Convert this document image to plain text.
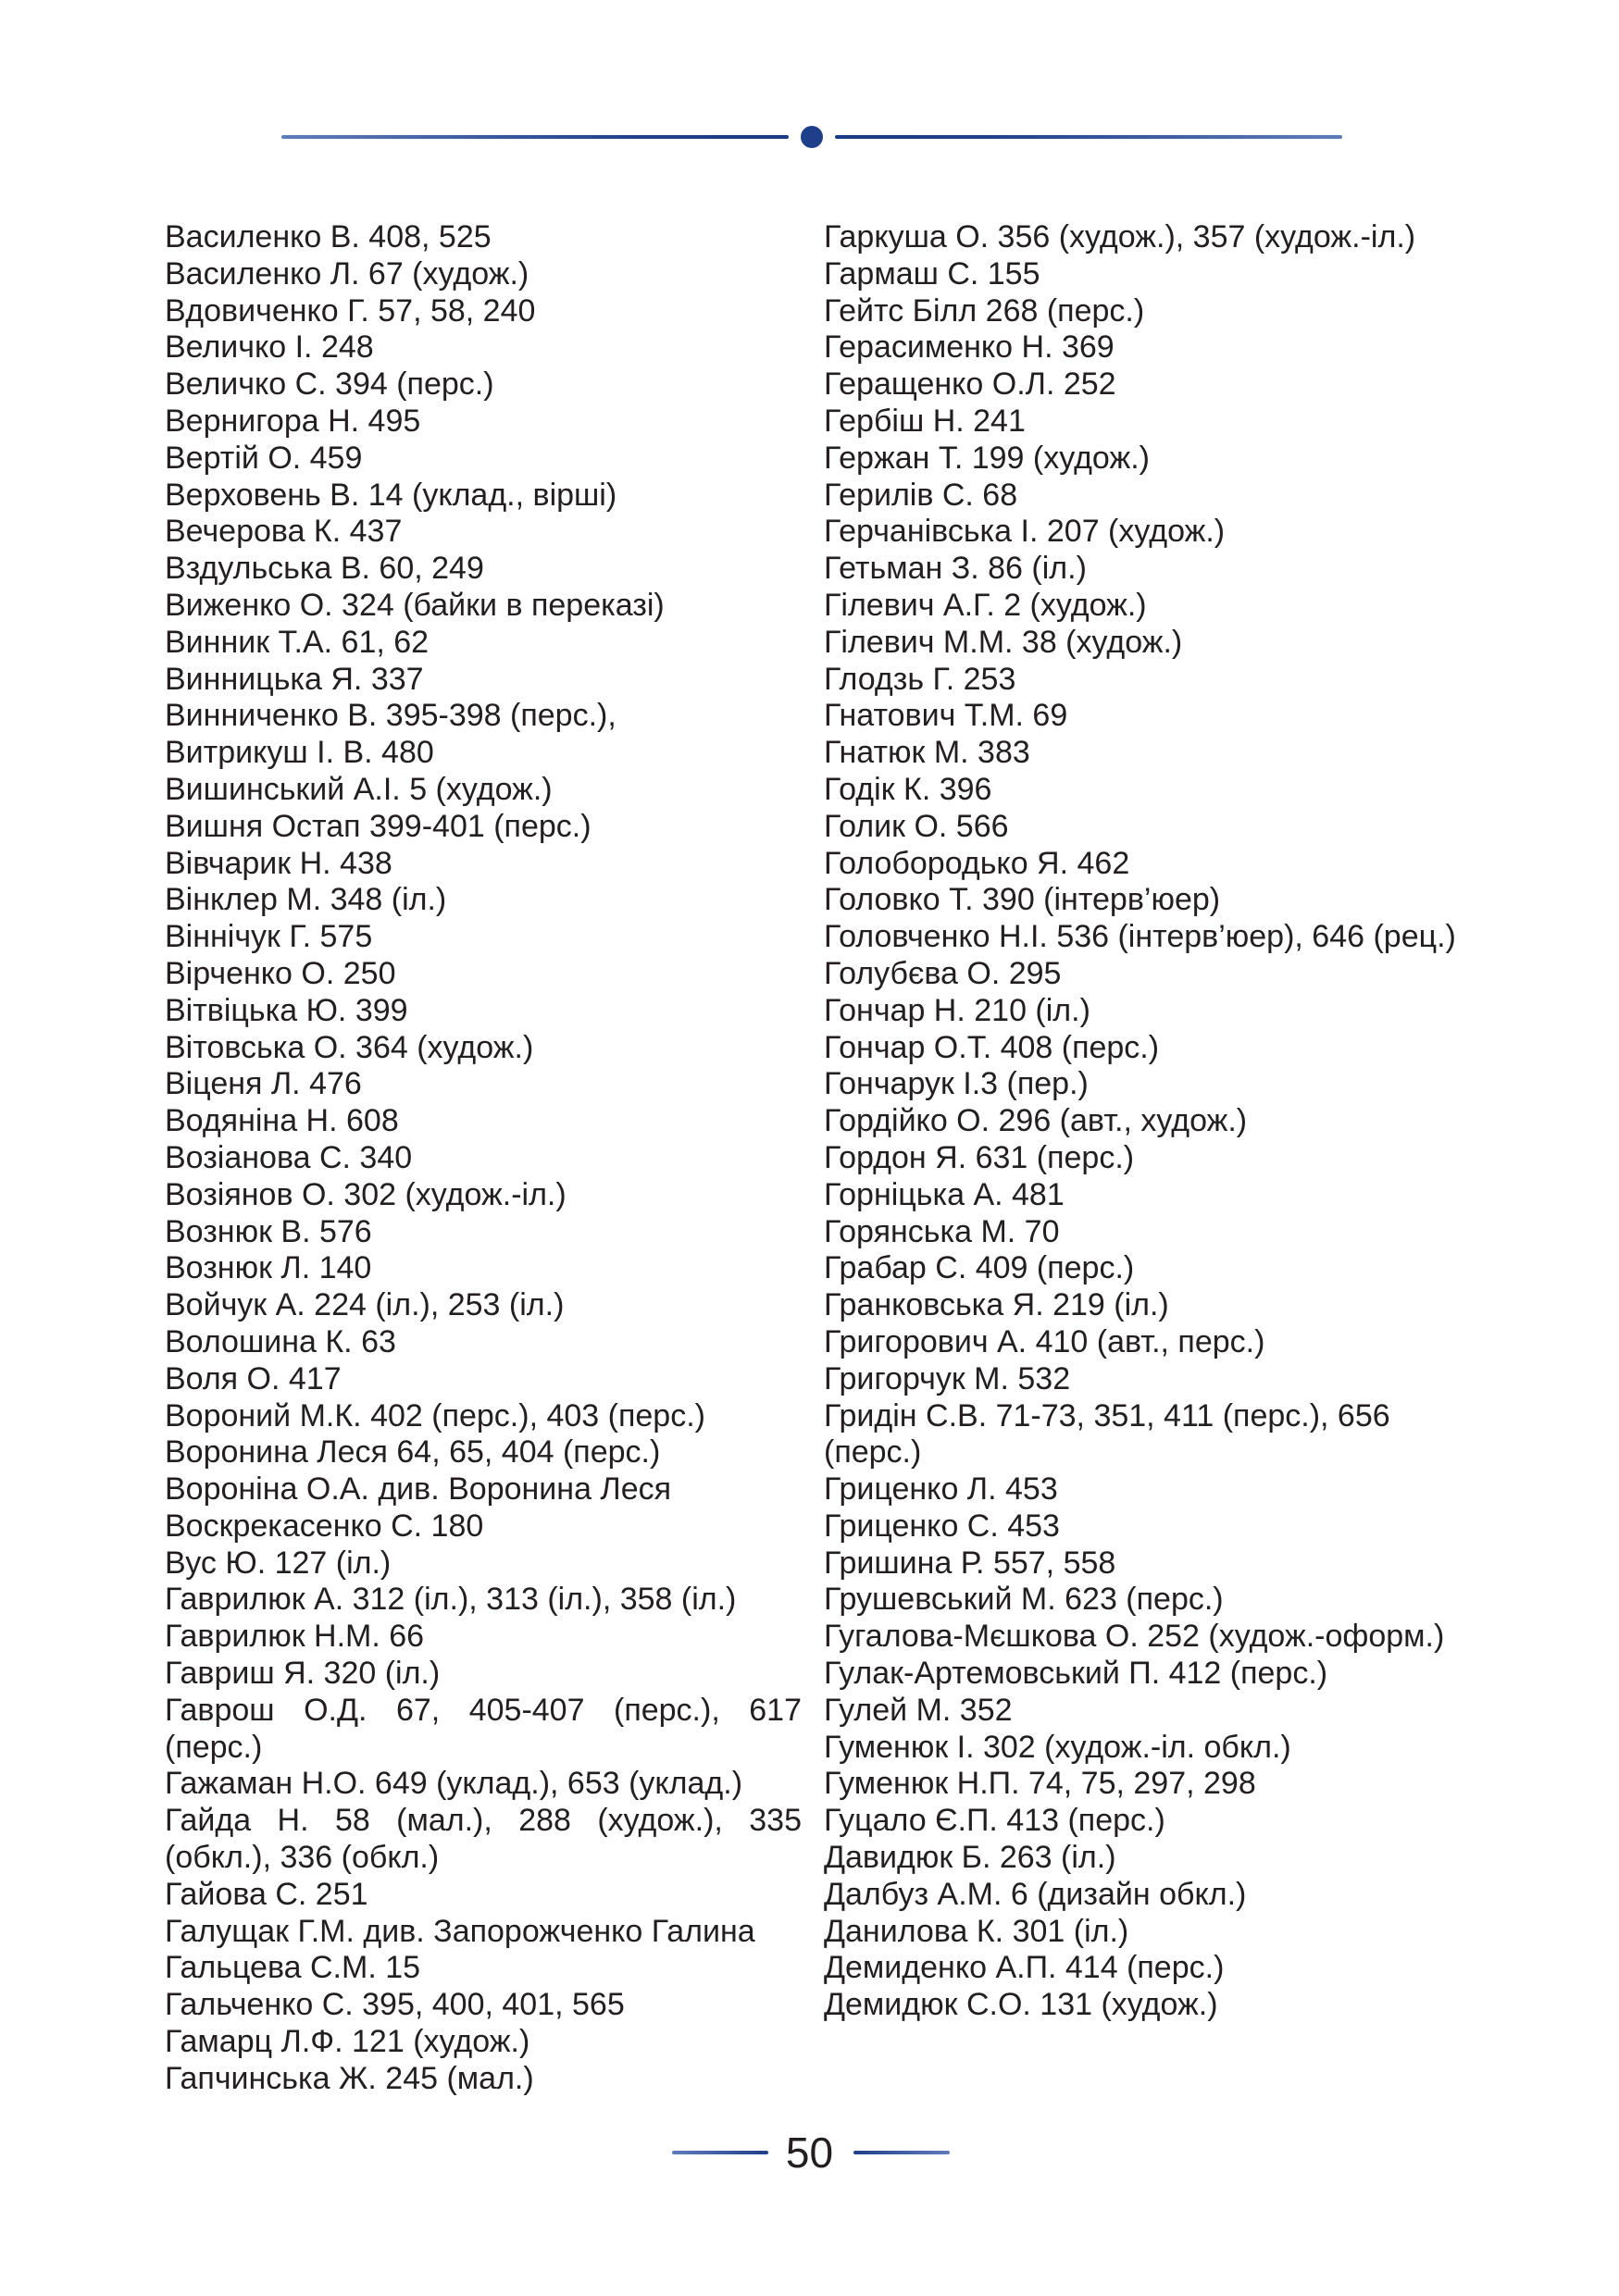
Василенко В. 408, 525
Василенко Л. 67 (худож.)
Вдовиченко Г. 57, 58, 240
Величко І. 248
Величко С. 394 (перс.)
Вернигора Н. 495
Вертій О. 459
Верховень В. 14 (уклад., вірші)
Вечерова К. 437
Вздульська В. 60, 249
Виженко О. 324 (байки в переказі)
Винник Т.А. 61, 62
Винницька Я. 337
Винниченко В. 395-398 (перс.),
Витрикуш І. В. 480
Вишинський А.І. 5 (худож.)
Вишня Остап 399-401 (перс.)
Вівчарик Н. 438
Вінклер М. 348 (іл.)
Віннічук Г. 575
Вірченко О. 250
Вітвіцька Ю. 399
Вітовська О. 364 (худож.)
Віценя Л. 476
Водяніна Н. 608
Возіанова С. 340
Возіянов О. 302 (худож.-іл.)
Вознюк В. 576
Вознюк Л. 140
Войчук А. 224 (іл.), 253 (іл.)
Волошина К. 63
Воля О. 417
Вороний М.К. 402 (перс.), 403 (перс.)
Воронина Леся 64, 65, 404 (перс.)
Вороніна О.А. див. Воронина Леся
Воскрекасенко С. 180
Вус Ю. 127 (іл.)
Гаврилюк А. 312 (іл.), 313 (іл.), 358 (іл.)
Гаврилюк Н.М. 66
Гавриш Я. 320 (іл.)
Гаврош О.Д. 67, 405-407 (перс.), 617 (перс.)
Гажаман Н.О. 649 (уклад.), 653 (уклад.)
Гайда Н. 58 (мал.), 288 (худож.), 335 (обкл.), 336 (обкл.)
Гайова С. 251
Галущак Г.М. див. Запорожченко Галина
Гальцева С.М. 15
Гальченко С. 395, 400, 401, 565
Гамарц Л.Ф. 121 (худож.)
Гапчинська Ж. 245 (мал.)
Гаркуша О. 356 (худож.), 357 (худож.-іл.)
Гармаш С. 155
Гейтс Білл 268 (перс.)
Герасименко Н. 369
Геращенко О.Л. 252
Гербіш Н. 241
Гержан Т. 199 (худож.)
Герилів С. 68
Герчанівська І. 207 (худож.)
Гетьман З. 86 (іл.)
Гілевич А.Г. 2 (худож.)
Гілевич М.М. 38 (худож.)
Глодзь Г. 253
Гнатович Т.М. 69
Гнатюк М. 383
Годік К. 396
Голик О. 566
Голобородько Я. 462
Головко Т. 390 (інтерв’юер)
Головченко Н.І. 536 (інтерв’юер), 646 (рец.)
Голубєва О. 295
Гончар Н. 210 (іл.)
Гончар О.Т. 408 (перс.)
Гончарук І.3 (пер.)
Гордійко О. 296 (авт., худож.)
Гордон Я. 631 (перс.)
Горніцька А. 481
Горянська М. 70
Грабар С. 409 (перс.)
Гранковська Я. 219 (іл.)
Григорович А. 410 (авт., перс.)
Григорчук М. 532
Гридін С.В. 71-73, 351, 411 (перс.), 656 (перс.)
Гриценко Л. 453
Гриценко С. 453
Гришина Р. 557, 558
Грушевський М. 623 (перс.)
Гугалова-Мєшкова О. 252 (худож.-оформ.)
Гулак-Артемовський П. 412 (перс.)
Гулей М. 352
Гуменюк І. 302 (худож.-іл. обкл.)
Гуменюк Н.П. 74, 75, 297, 298
Гуцало Є.П. 413 (перс.)
Давидюк Б. 263 (іл.)
Далбуз А.М. 6 (дизайн обкл.)
Данилова К. 301 (іл.)
Демиденко А.П. 414 (перс.)
Демидюк С.О. 131 (худож.)
50
